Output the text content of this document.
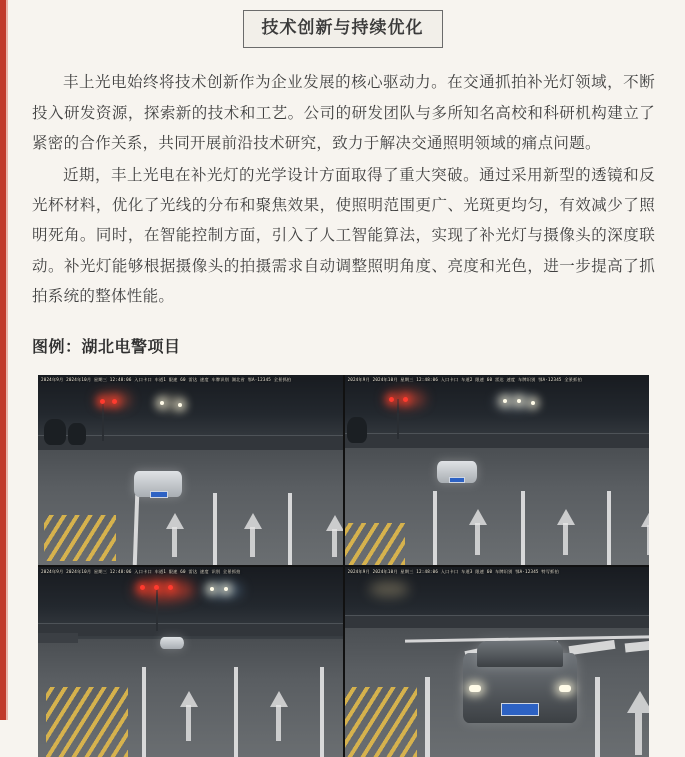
技术创新与持续优化

丰上光电始终将技术创新作为企业发展的核心驱动力。在交通抓拍补光灯领域，不断投入研发资源，探索新的技术和工艺。公司的研发团队与多所知名高校和科研机构建立了紧密的合作关系，共同开展前沿技术研究，致力于解决交通照明领域的痛点问题。

近期，丰上光电在补光灯的光学设计方面取得了重大突破。通过采用新型的透镜和反光杯材料，优化了光线的分布和聚焦效果，使照明范围更广、光斑更均匀，有效减少了照明死角。同时，在智能控制方面，引入了人工智能算法，实现了补光灯与摄像头的深度联动。补光灯能够根据摄像头的拍摄需求自动调整照明角度、亮度和光色，进一步提高了抓拍系统的整体性能。

图例：湖北电警项目
2024年9月 2024年10月 星期三 12:48:06 入口卡口 车道1 限速 60 雷达 速度 车牌识别 湖北省 鄂A·12345 全景抓拍	2024年9月 2024年10月 星期三 12:48:06 入口卡口 车道2 限速 60 雷达 速度 车牌识别 鄂A·12345 全景抓拍
2024年9月 2024年10月 星期三 12:48:06 入口卡口 车道1 限速 60 雷达 速度 识别 全景抓拍	2024年9月 2024年10月 星期三 12:48:06 入口卡口 车道3 限速 60 车牌识别 鄂A·12345 特写抓拍
